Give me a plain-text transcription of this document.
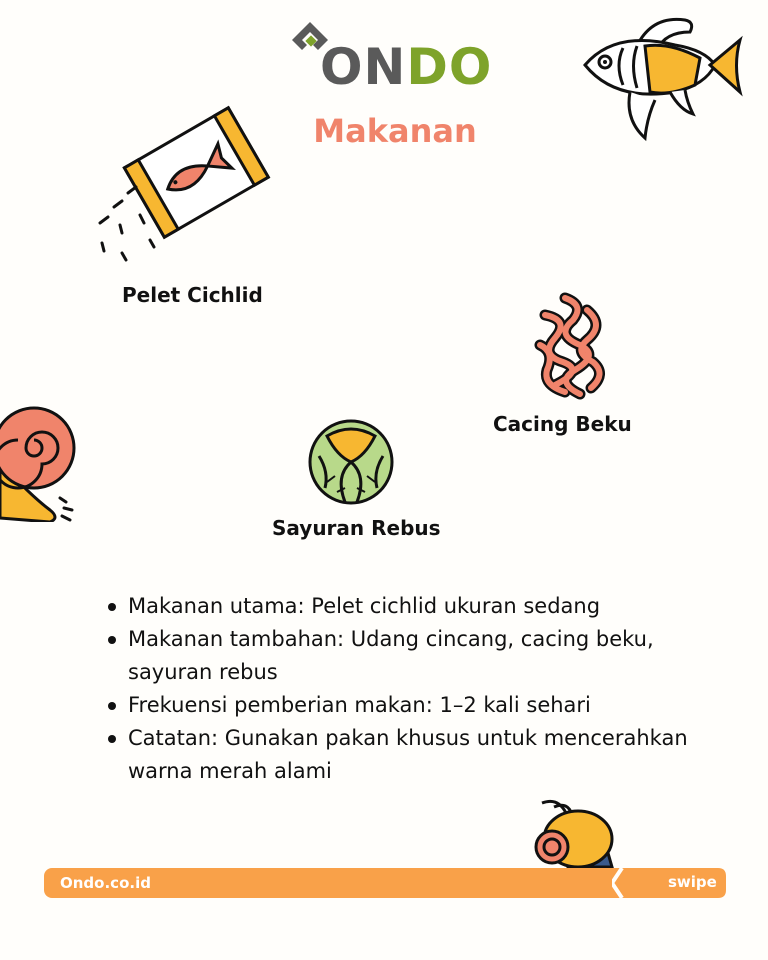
ONDO
Makanan
Pelet Cichlid
Cacing Beku
Sayuran Rebus
Makanan utama: Pelet cichlid ukuran sedang
Makanan tambahan: Udang cincang, cacing beku, sayuran rebus
Frekuensi pemberian makan: 1–2 kali sehari
Catatan: Gunakan pakan khusus untuk mencerahkan warna merah alami
Ondo.co.id	swipe
